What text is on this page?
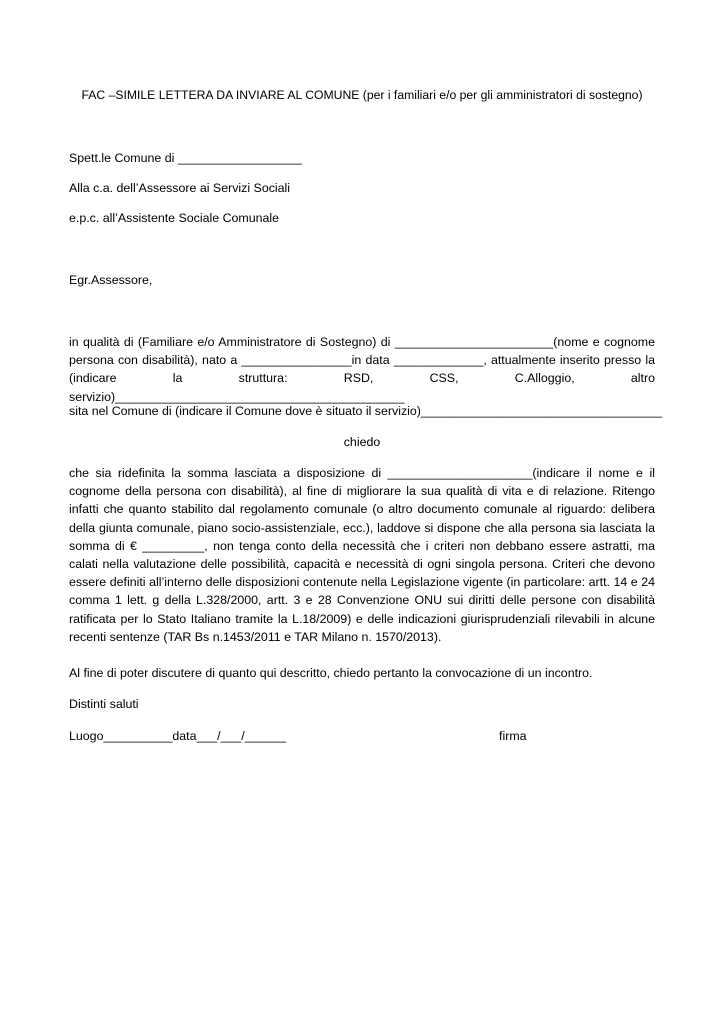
FAC –SIMILE LETTERA DA INVIARE AL COMUNE (per i familiari e/o per gli amministratori di sostegno)
Spett.le Comune di __________________
Alla c.a. dell’Assessore ai Servizi Sociali
e.p.c. all’Assistente Sociale Comunale
Egr.Assessore,
in qualità di (Familiare e/o Amministratore di Sostegno) di _______________________(nome e cognome persona con disabilità), nato a ________________in data _____________, attualmente inserito presso la (indicare la struttura: RSD, CSS, C.Alloggio, altro servizio)__________________________________________
sita nel Comune di (indicare il Comune dove è situato il servizio)___________________________________
chiedo
che sia ridefinita la somma lasciata a disposizione di _____________________(indicare il nome e il cognome della persona con disabilità), al fine di migliorare la sua qualità di vita e di relazione. Ritengo infatti che quanto stabilito dal regolamento comunale (o altro documento comunale al riguardo: delibera della giunta comunale, piano socio-assistenziale, ecc.), laddove si dispone che alla persona sia lasciata la somma di € _________, non tenga conto della necessità che i criteri non debbano essere astratti, ma calati nella valutazione delle possibilità, capacità e necessità di ogni singola persona. Criteri che devono essere definiti all’interno delle disposizioni contenute nella Legislazione vigente (in particolare: artt. 14 e 24 comma 1 lett. g della L.328/2000, artt. 3 e 28 Convenzione ONU sui diritti delle persone con disabilità ratificata per lo Stato Italiano tramite la L.18/2009) e delle indicazioni giurisprudenziali rilevabili in alcune recenti sentenze (TAR Bs n.1453/2011 e TAR Milano n. 1570/2013).
Al fine di poter discutere di quanto qui descritto, chiedo pertanto la convocazione di un incontro.
Distinti saluti
Luogo__________data___/___/______	firma
